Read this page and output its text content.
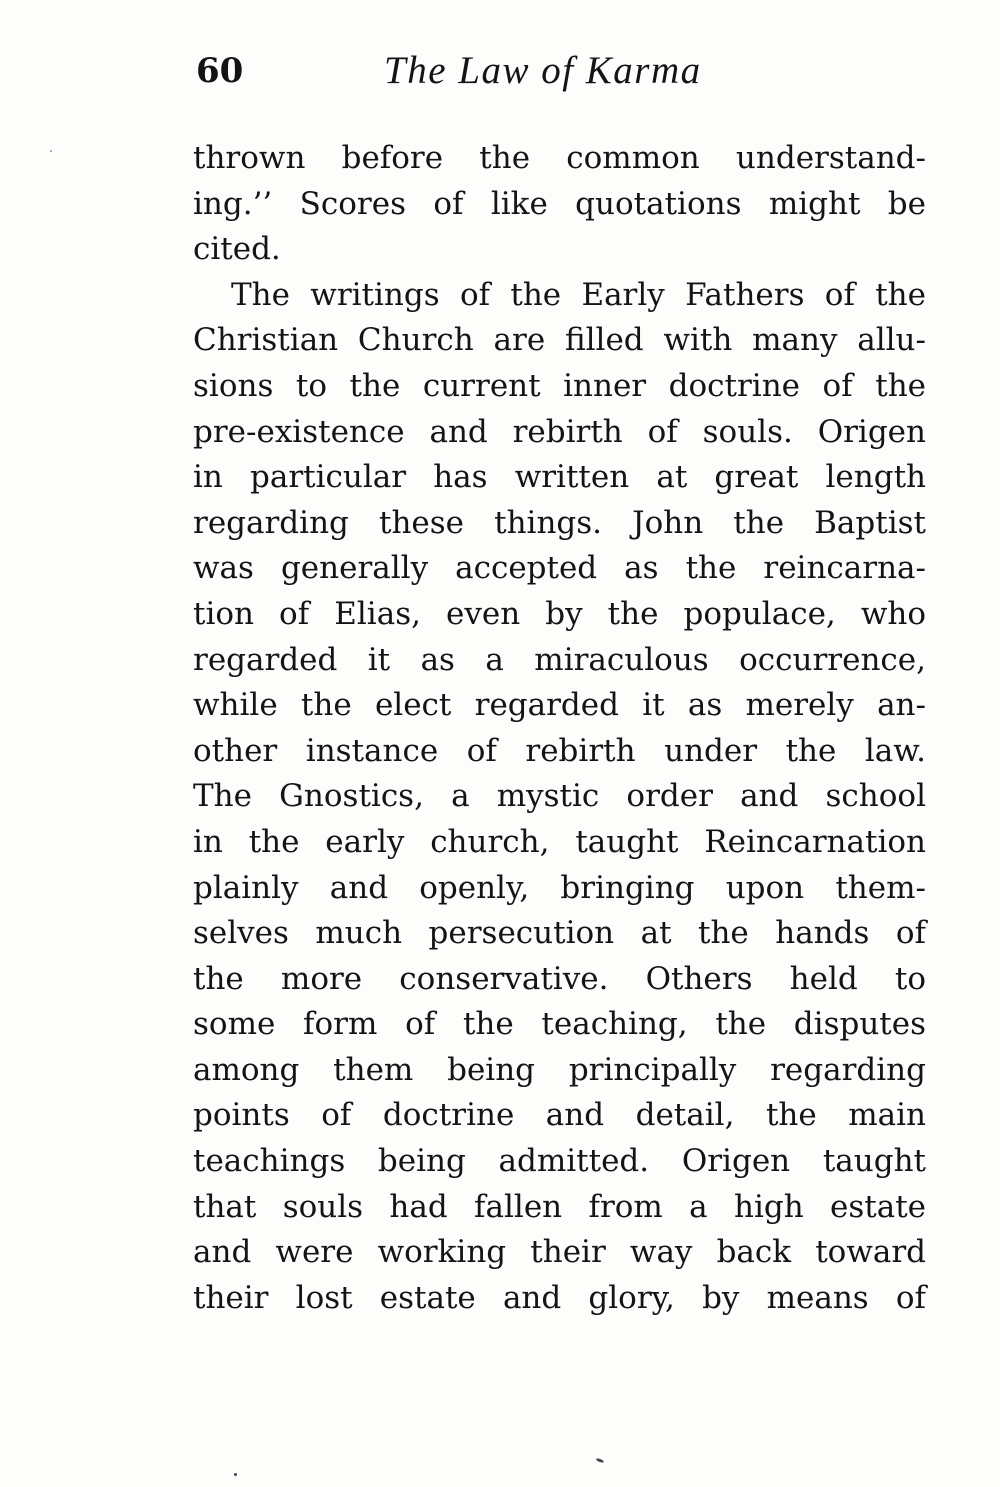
60	The Law of Karma
thrown before the common understand-
ing.’’ Scores of like quotations might be
cited.
The writings of the Early Fathers of the
Christian Church are filled with many allu-
sions to the current inner doctrine of the
pre-existence and rebirth of souls. Origen
in particular has written at great length
regarding these things. John the Baptist
was generally accepted as the reincarna-
tion of Elias, even by the populace, who
regarded it as a miraculous occurrence,
while the elect regarded it as merely an-
other instance of rebirth under the law.
The Gnostics, a mystic order and school
in the early church, taught Reincarnation
plainly and openly, bringing upon them-
selves much persecution at the hands of
the more conservative. Others held to
some form of the teaching, the disputes
among them being principally regarding
points of doctrine and detail, the main
teachings being admitted. Origen taught
that souls had fallen from a high estate
and were working their way back toward
their lost estate and glory, by means of
